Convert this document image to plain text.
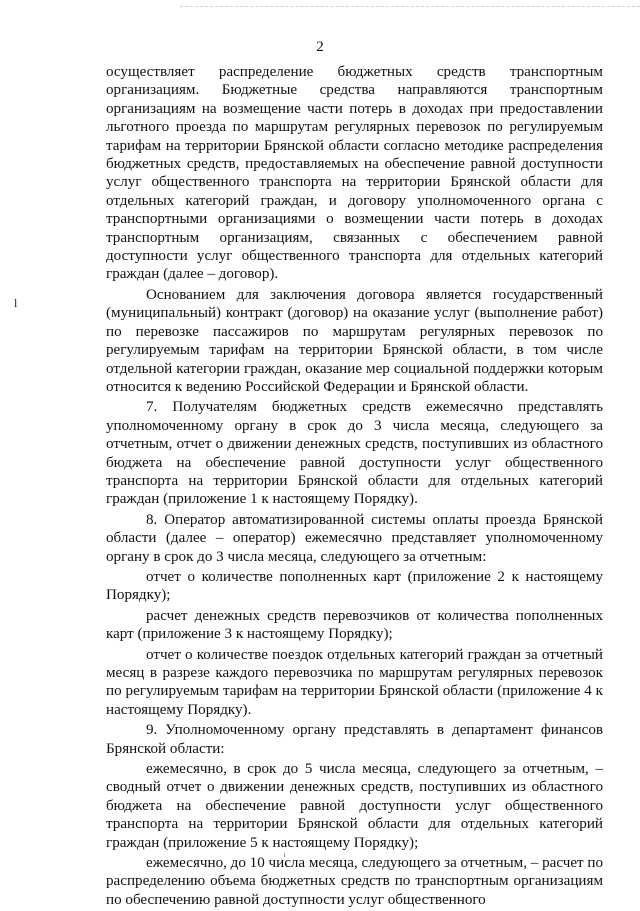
2
l

осуществляет распределение бюджетных средств транспортным организациям. Бюджетные средства направляются транспортным организациям на возмещение части потерь в доходах при предоставлении льготного проезда по маршрутам регулярных перевозок по регулируемым тарифам на территории Брянской области согласно методике распределения бюджетных средств, предоставляемых на обеспечение равной доступности услуг общественного транспорта на территории Брянской области для отдельных категорий граждан, и договору уполномоченного органа с транспортными организациями о возмещении части потерь в доходах транспортным организациям, связанных с обеспечением равной доступности услуг общественного транспорта для отдельных категорий граждан (далее – договор).

Основанием для заключения договора является государственный (муниципальный) контракт (договор) на оказание услуг (выполнение работ) по перевозке пассажиров по маршрутам регулярных перевозок по регулируемым тарифам на территории Брянской области, в том числе отдельной категории граждан, оказание мер социальной поддержки которым относится к ведению Российской Федерации и Брянской области.

7. Получателям бюджетных средств ежемесячно представлять уполномоченному органу в срок до 3 числа месяца, следующего за отчетным, отчет о движении денежных средств, поступивших из областного бюджета на обеспечение равной доступности услуг общественного транспорта на территории Брянской области для отдельных категорий граждан (приложение 1 к настоящему Порядку).

8. Оператор автоматизированной системы оплаты проезда Брянской области (далее – оператор) ежемесячно представляет уполномоченному органу в срок до 3 числа месяца, следующего за отчетным:

отчет о количестве пополненных карт (приложение 2 к настоящему Порядку);

расчет денежных средств перевозчиков от количества пополненных карт (приложение 3 к настоящему Порядку);

отчет о количестве поездок отдельных категорий граждан за отчетный месяц в разрезе каждого перевозчика по маршрутам регулярных перевозок по регулируемым тарифам на территории Брянской области (приложение 4 к настоящему Порядку).

9. Уполномоченному органу представлять в департамент финансов Брянской области:

ежемесячно, в срок до 5 числа месяца, следующего за отчетным, – сводный отчет о движении денежных средств, поступивших из областного бюджета на обеспечение равной доступности услуг общественного транспорта на территории Брянской области для отдельных категорий граждан (приложение 5 к настоящему Порядку);

ежемесячно, до 10 числа месяца, следующего за отчетным, – расчет по распределению объема бюджетных средств по транспортным организациям по обеспечению равной доступности услуг общественного
